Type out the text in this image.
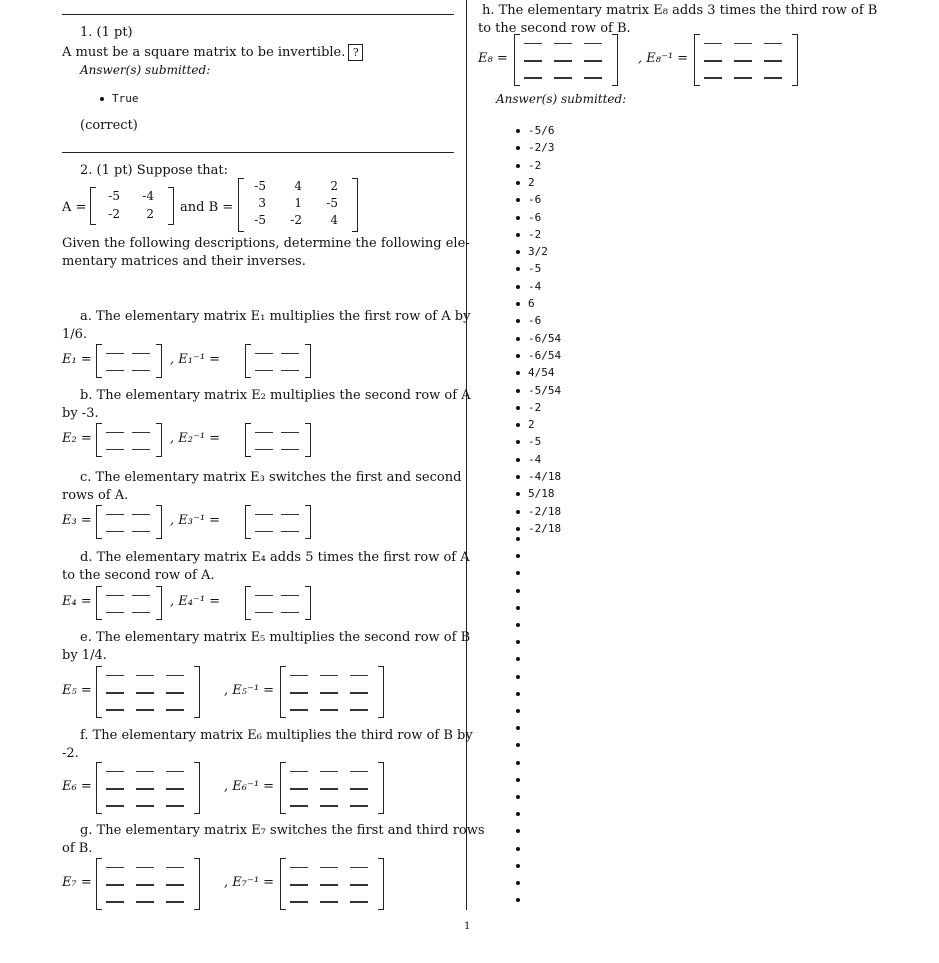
1. (1 pt)
A must be a square matrix to be invertible. ?
Answer(s) submitted:
True
(correct)
2. (1 pt) Suppose that:
A =
-5	-4
-2	2 and B =
-5	4	2
3	1	-5
-5	-2	4
Given the following descriptions, determine the following ele-
mentary matrices and their inverses.
a. The elementary matrix E₁ multiplies the first row of A by
1/6.
E₁ =	, E₁⁻¹ =
b. The elementary matrix E₂ multiplies the second row of A
by -3.
E₂ =	, E₂⁻¹ =
c. The elementary matrix E₃ switches the first and second
rows of A.
E₃ =	, E₃⁻¹ =
d. The elementary matrix E₄ adds 5 times the first row of A
to the second row of A.
E₄ =	, E₄⁻¹ =
e. The elementary matrix E₅ multiplies the second row of B
by 1/4.
E₅ =	, E₅⁻¹ =
f. The elementary matrix E₆ multiplies the third row of B by
-2.
E₆ =	, E₆⁻¹ =
g. The elementary matrix E₇ switches the first and third rows
of B.
E₇ =	, E₇⁻¹ =
h. The elementary matrix E₈ adds 3 times the third row of B
to the second row of B.
E₈ =	, E₈⁻¹ =
Answer(s) submitted:
-5/6
-2/3
-2
2
-6
-6
-2
3/2
-5
-4
6
-6
-6/54
-6/54
4/54
-5/54
-2
2
-5
-4
-4/18
5/18
-2/18
-2/18
1
